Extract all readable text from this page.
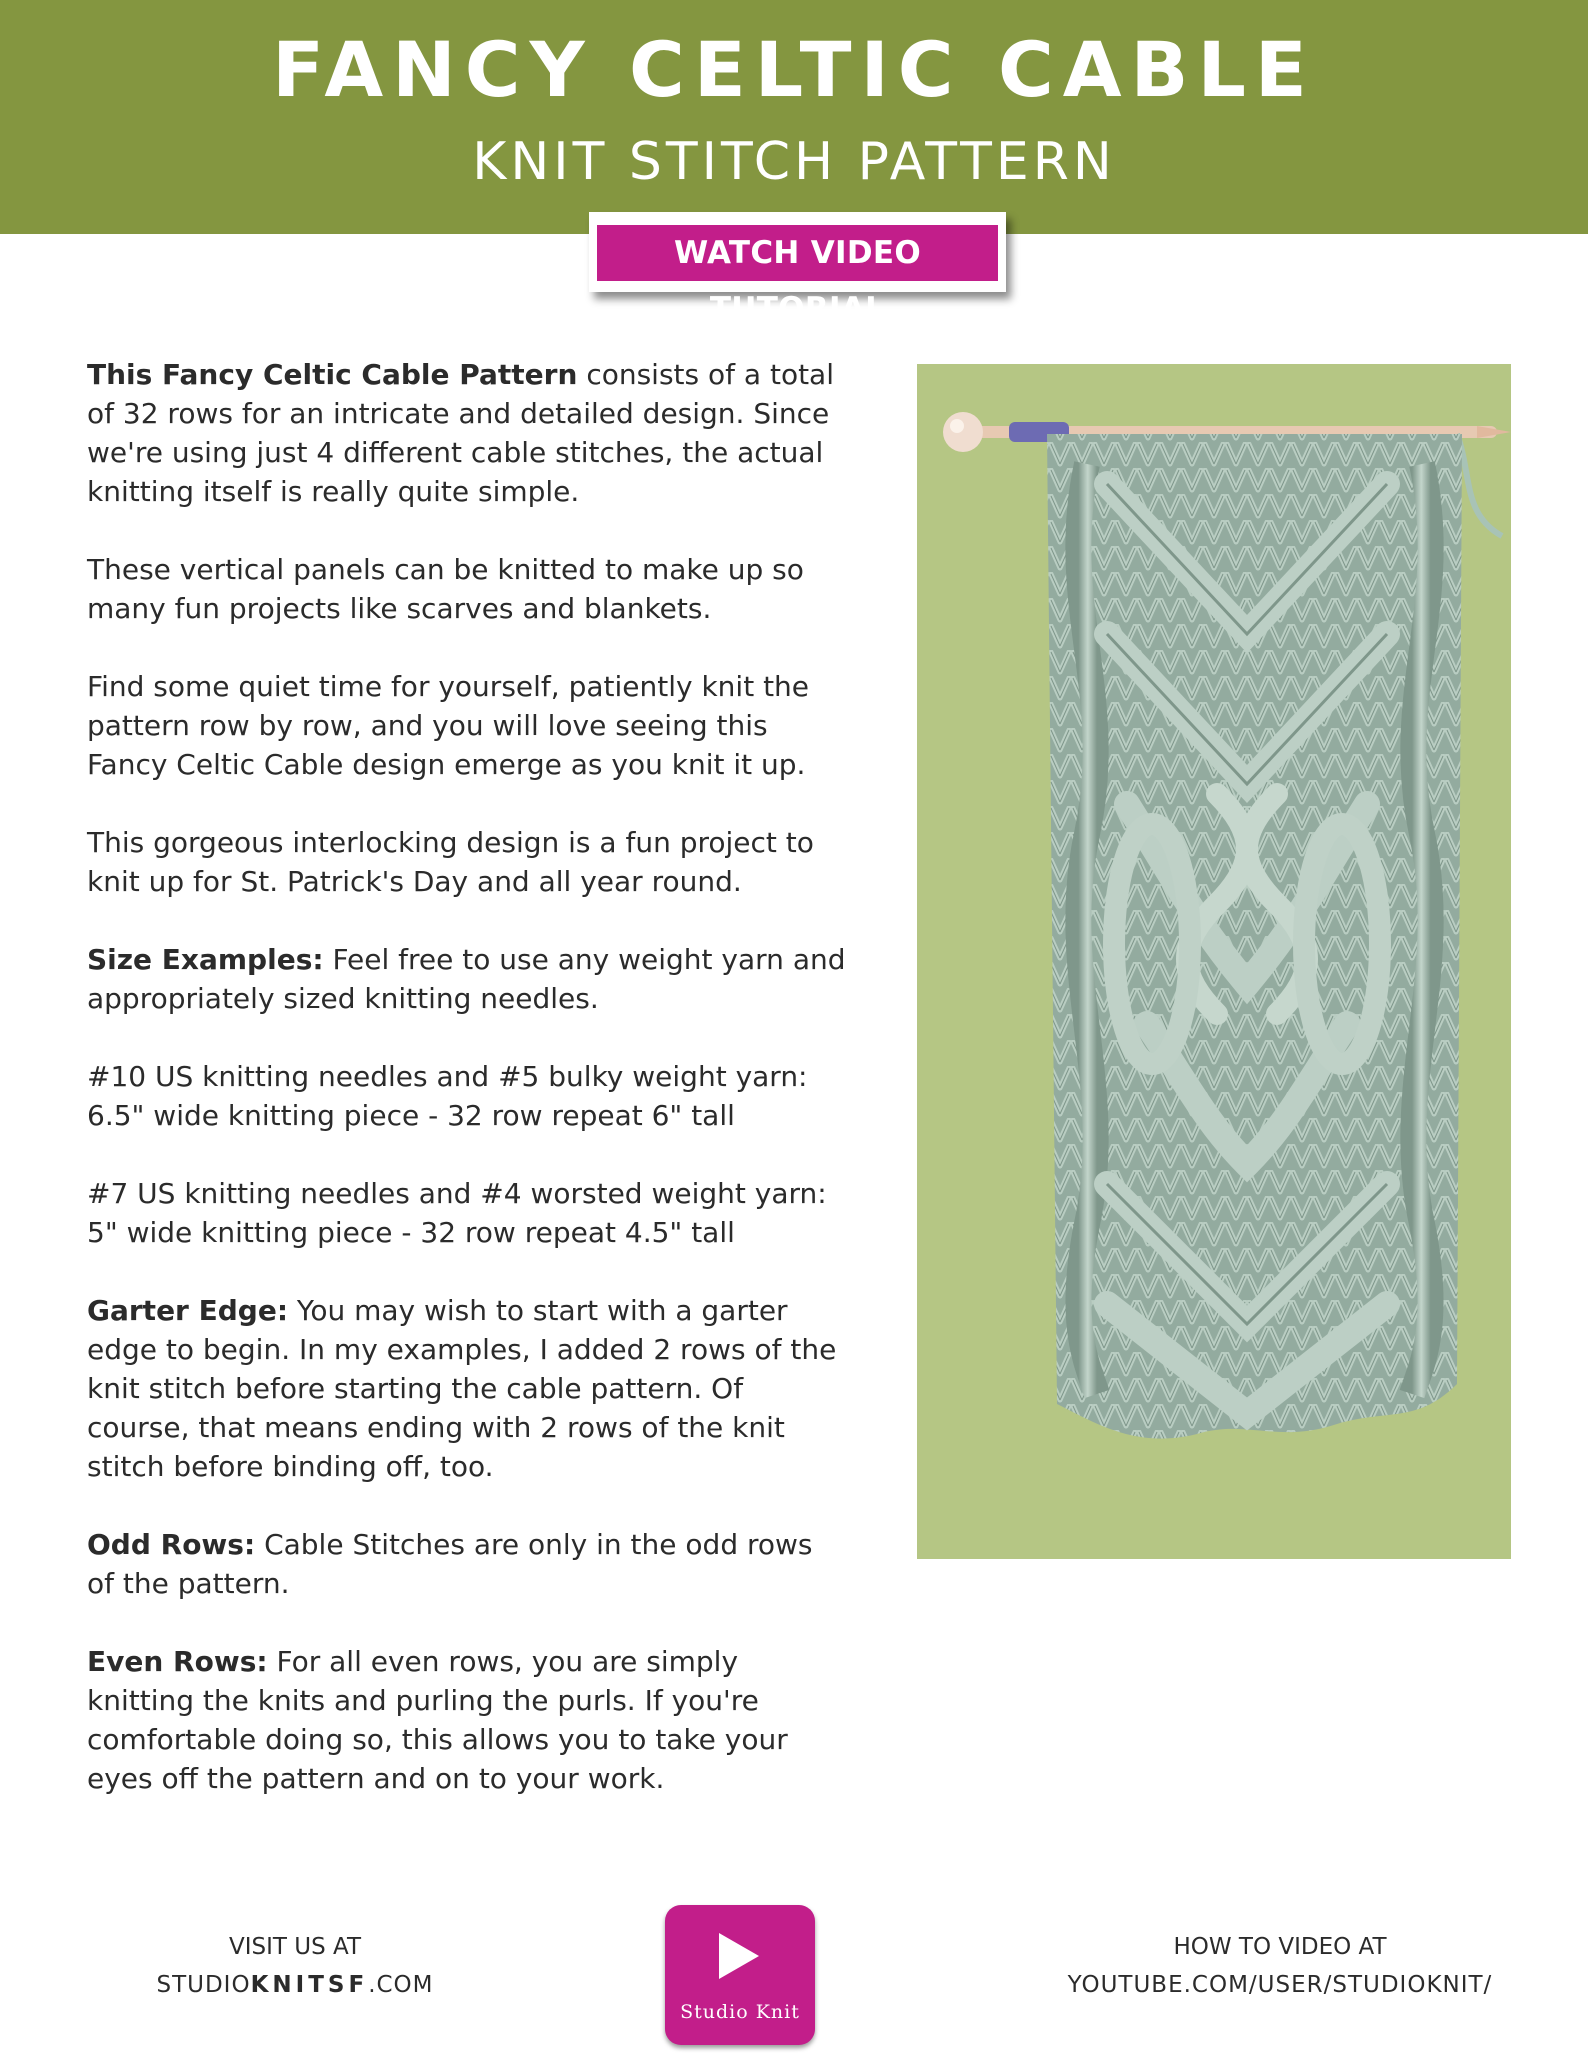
FANCY CELTIC CABLE
KNIT STITCH PATTERN
WATCH VIDEO TUTORIAL

This Fancy Celtic Cable Pattern consists of a total of 32 rows for an intricate and detailed design. Since we're using just 4 different cable stitches, the actual knitting itself is really quite simple.

These vertical panels can be knitted to make up so many fun projects like scarves and blankets.

Find some quiet time for yourself, patiently knit the pattern row by row, and you will love seeing this Fancy Celtic Cable design emerge as you knit it up.

This gorgeous interlocking design is a fun project to knit up for St. Patrick's Day and all year round.

Size Examples: Feel free to use any weight yarn and appropriately sized knitting needles.

#10 US knitting needles and #5 bulky weight yarn:
6.5" wide knitting piece - 32 row repeat 6" tall

#7 US knitting needles and #4 worsted weight yarn:
5" wide knitting piece - 32 row repeat 4.5" tall

Garter Edge: You may wish to start with a garter edge to begin. In my examples, I added 2 rows of the knit stitch before starting the cable pattern. Of course, that means ending with 2 rows of the knit stitch before binding off, too.

Odd Rows: Cable Stitches are only in the odd rows of the pattern.

Even Rows: For all even rows, you are simply knitting the knits and purling the purls. If you're comfortable doing so, this allows you to take your eyes off the pattern and on to your work.

VISIT US AT
STUDIOKNITSF.COM
Studio Knit
HOW TO VIDEO AT
YOUTUBE.COM/USER/STUDIOKNIT/
